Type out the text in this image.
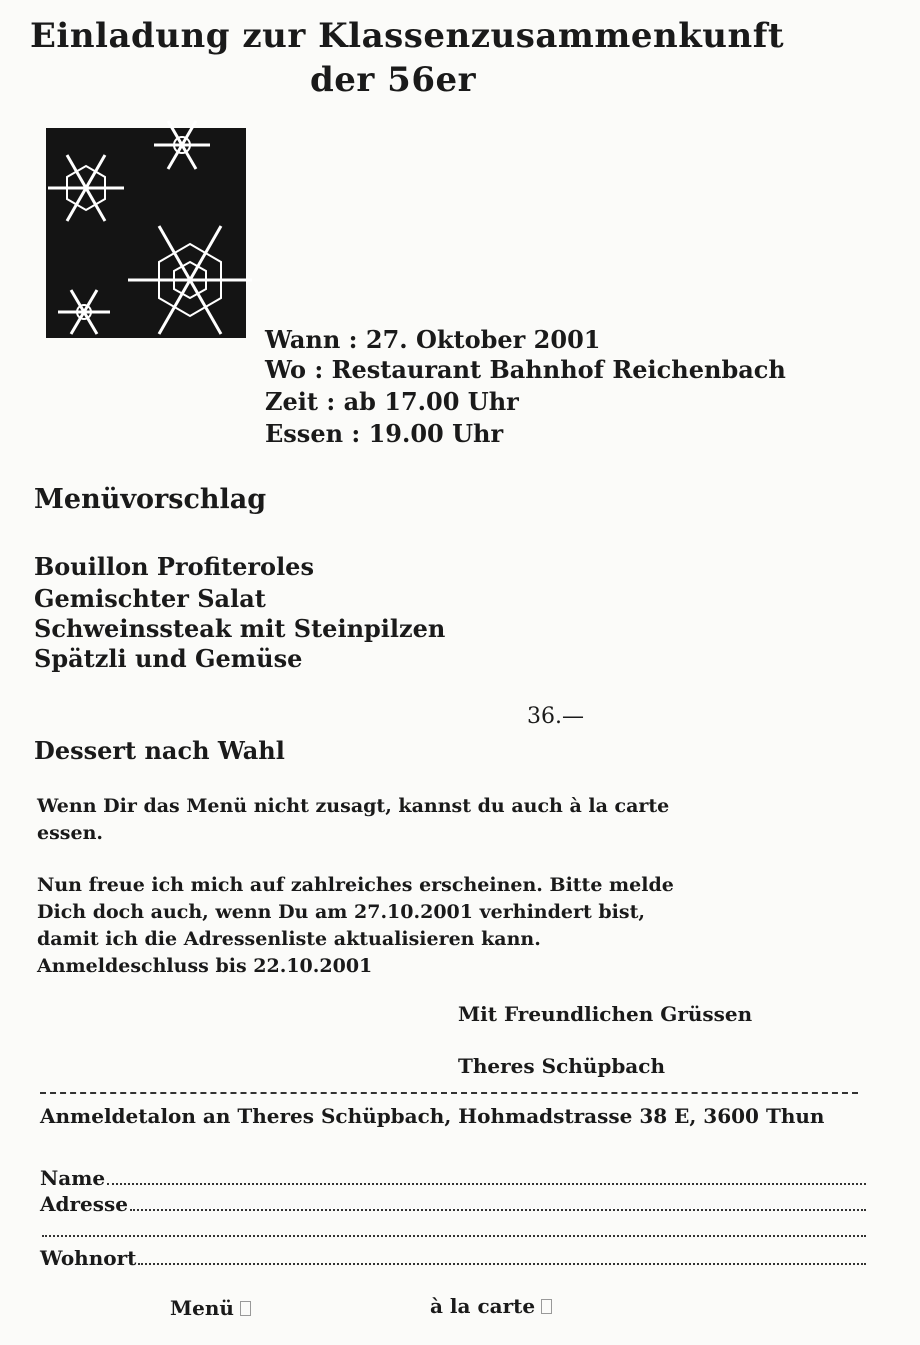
Einladung zur Klassenzusammenkunft
der 56er
Wann : 27. Oktober 2001
Wo : Restaurant Bahnhof Reichenbach
Zeit : ab 17.00 Uhr
Essen : 19.00 Uhr
Menüvorschlag
Bouillon Profiteroles
Gemischter Salat
Schweinssteak mit Steinpilzen
Spätzli und Gemüse
36.—
Dessert nach Wahl
Wenn Dir das Menü nicht zusagt, kannst du auch à la carte essen.
Nun freue ich mich auf zahlreiches erscheinen. Bitte melde
Dich doch auch, wenn Du am 27.10.2001 verhindert bist,
damit ich die Adressenliste aktualisieren kann.
Anmeldeschluss bis 22.10.2001
Mit Freundlichen Grüssen
Theres Schüpbach
Anmeldetalon an Theres Schüpbach, Hohmadstrasse 38 E, 3600 Thun
Name
Adresse
Wohnort
Menü	à la carte
